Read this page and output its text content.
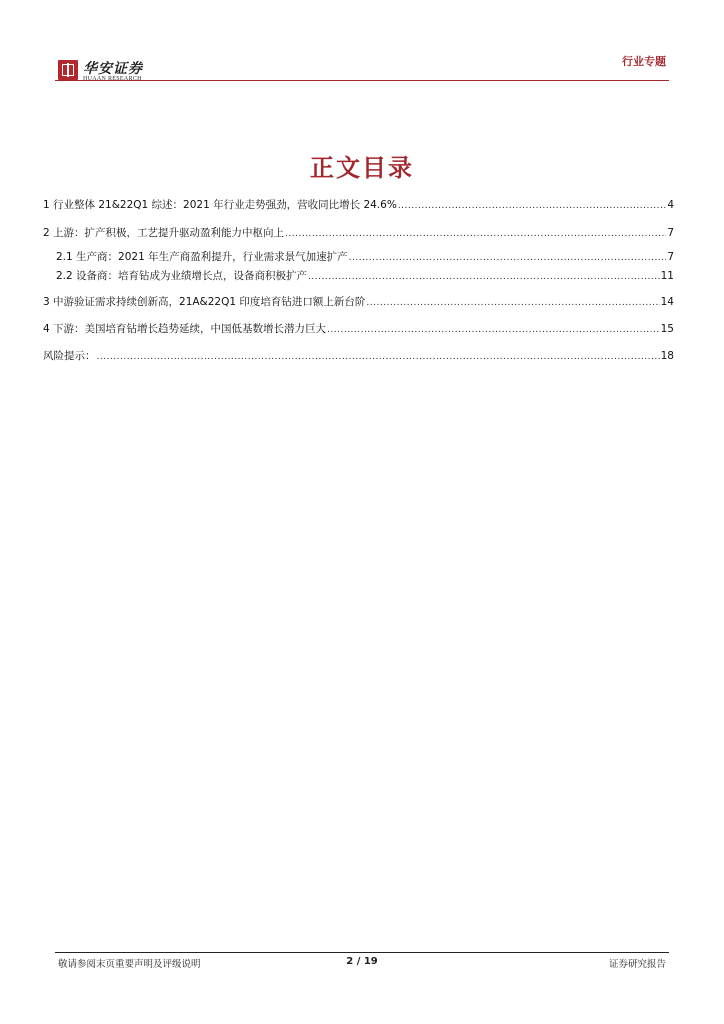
华安证券
HUAAN RESEARCH
行业专题
正文目录
1 行业整体 21&22Q1 综述：2021 年行业走势强劲，营收同比增长 24.6% .....	4
2 上游：扩产积极，工艺提升驱动盈利能力中枢向上 .....	7
2.1 生产商：2021 年生产商盈利提升，行业需求景气加速扩产 .....	7
2.2 设备商：培育钻成为业绩增长点，设备商积极扩产 .....	11
3 中游验证需求持续创新高，21A&22Q1 印度培育钻进口额上新台阶 .....	14
4 下游：美国培育钻增长趋势延续，中国低基数增长潜力巨大 .....	15
风险提示： .....	18
敬请参阅末页重要声明及评级说明	2 / 19	证券研究报告
